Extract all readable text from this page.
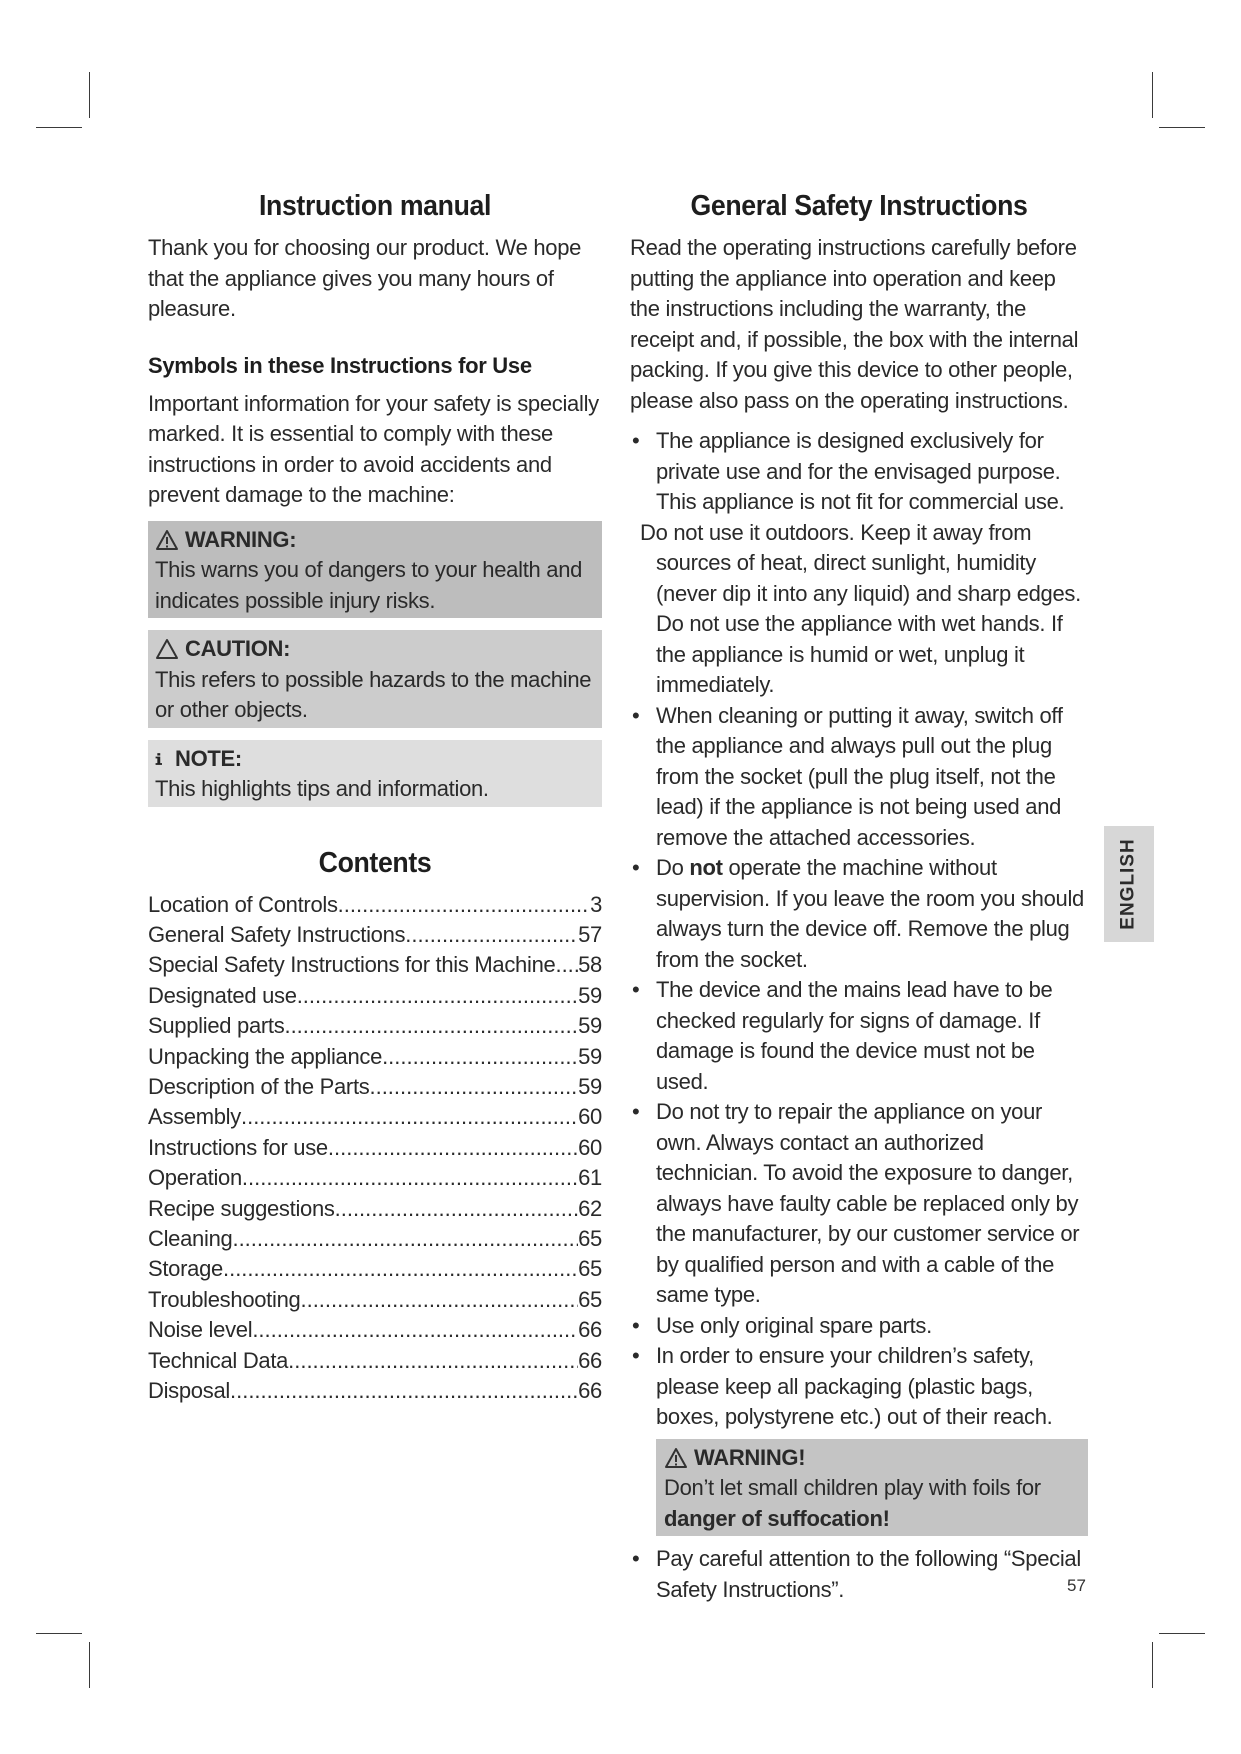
Instruction manual

Thank you for choosing our product. We hope that the appliance gives you many hours of pleasure.

Symbols in these Instructions for Use

Important information for your safety is specially marked. It is essential to comply with these instructions in order to avoid accidents and prevent damage to the machine:

WARNING:
This warns you of dangers to your health and indicates possible injury risks.
CAUTION:
This refers to possible hazards to the machine or other objects.
NOTE:
This highlights tips and information.
Contents
Location of Controls .....	3
General Safety Instructions .....	57
Special Safety Instructions for this Machine ..... 58
Designated use .....	59
Supplied parts .....	59
Unpacking the appliance .....	59
Description of the Parts .....	59
Assembly .....	60
Instructions for use .....	60
Operation .....	61
Recipe suggestions .....	62
Cleaning .....	65
Storage .....	65
Troubleshooting .....	65
Noise level .....	66
Technical Data .....	66
Disposal .....	66
General Safety Instructions

Read the operating instructions carefully before putting the appliance into operation and keep the instructions including the warranty, the receipt and, if possible, the box with the internal packing. If you give this device to other people, please also pass on the operating instructions.

• The appliance is designed exclusively for private use and for the envisaged purpose. This appliance is not fit for commercial use.
Do not use it outdoors. Keep it away from sources of heat, direct sunlight, humidity (never dip it into any liquid) and sharp edges. Do not use the appliance with wet hands. If the appliance is humid or wet, unplug it immediately.
• When cleaning or putting it away, switch off the appliance and always pull out the plug from the socket (pull the plug itself, not the lead) if the appliance is not being used and remove the attached accessories.
• Do not operate the machine without supervision. If you leave the room you should always turn the device off. Remove the plug from the socket.
• The device and the mains lead have to be checked regularly for signs of damage. If damage is found the device must not be used.
• Do not try to repair the appliance on your own. Always contact an authorized technician. To avoid the exposure to danger, always have faulty cable be replaced only by the manufacturer, by our customer service or by qualified person and with a cable of the same type.
• Use only original spare parts.
• In order to ensure your children’s safety, please keep all packaging (plastic bags, boxes, polystyrene etc.) out of their reach.
WARNING!
Don’t let small children play with foils for danger of suffocation!
• Pay careful attention to the following “Special Safety Instructions”.
ENGLISH
57
